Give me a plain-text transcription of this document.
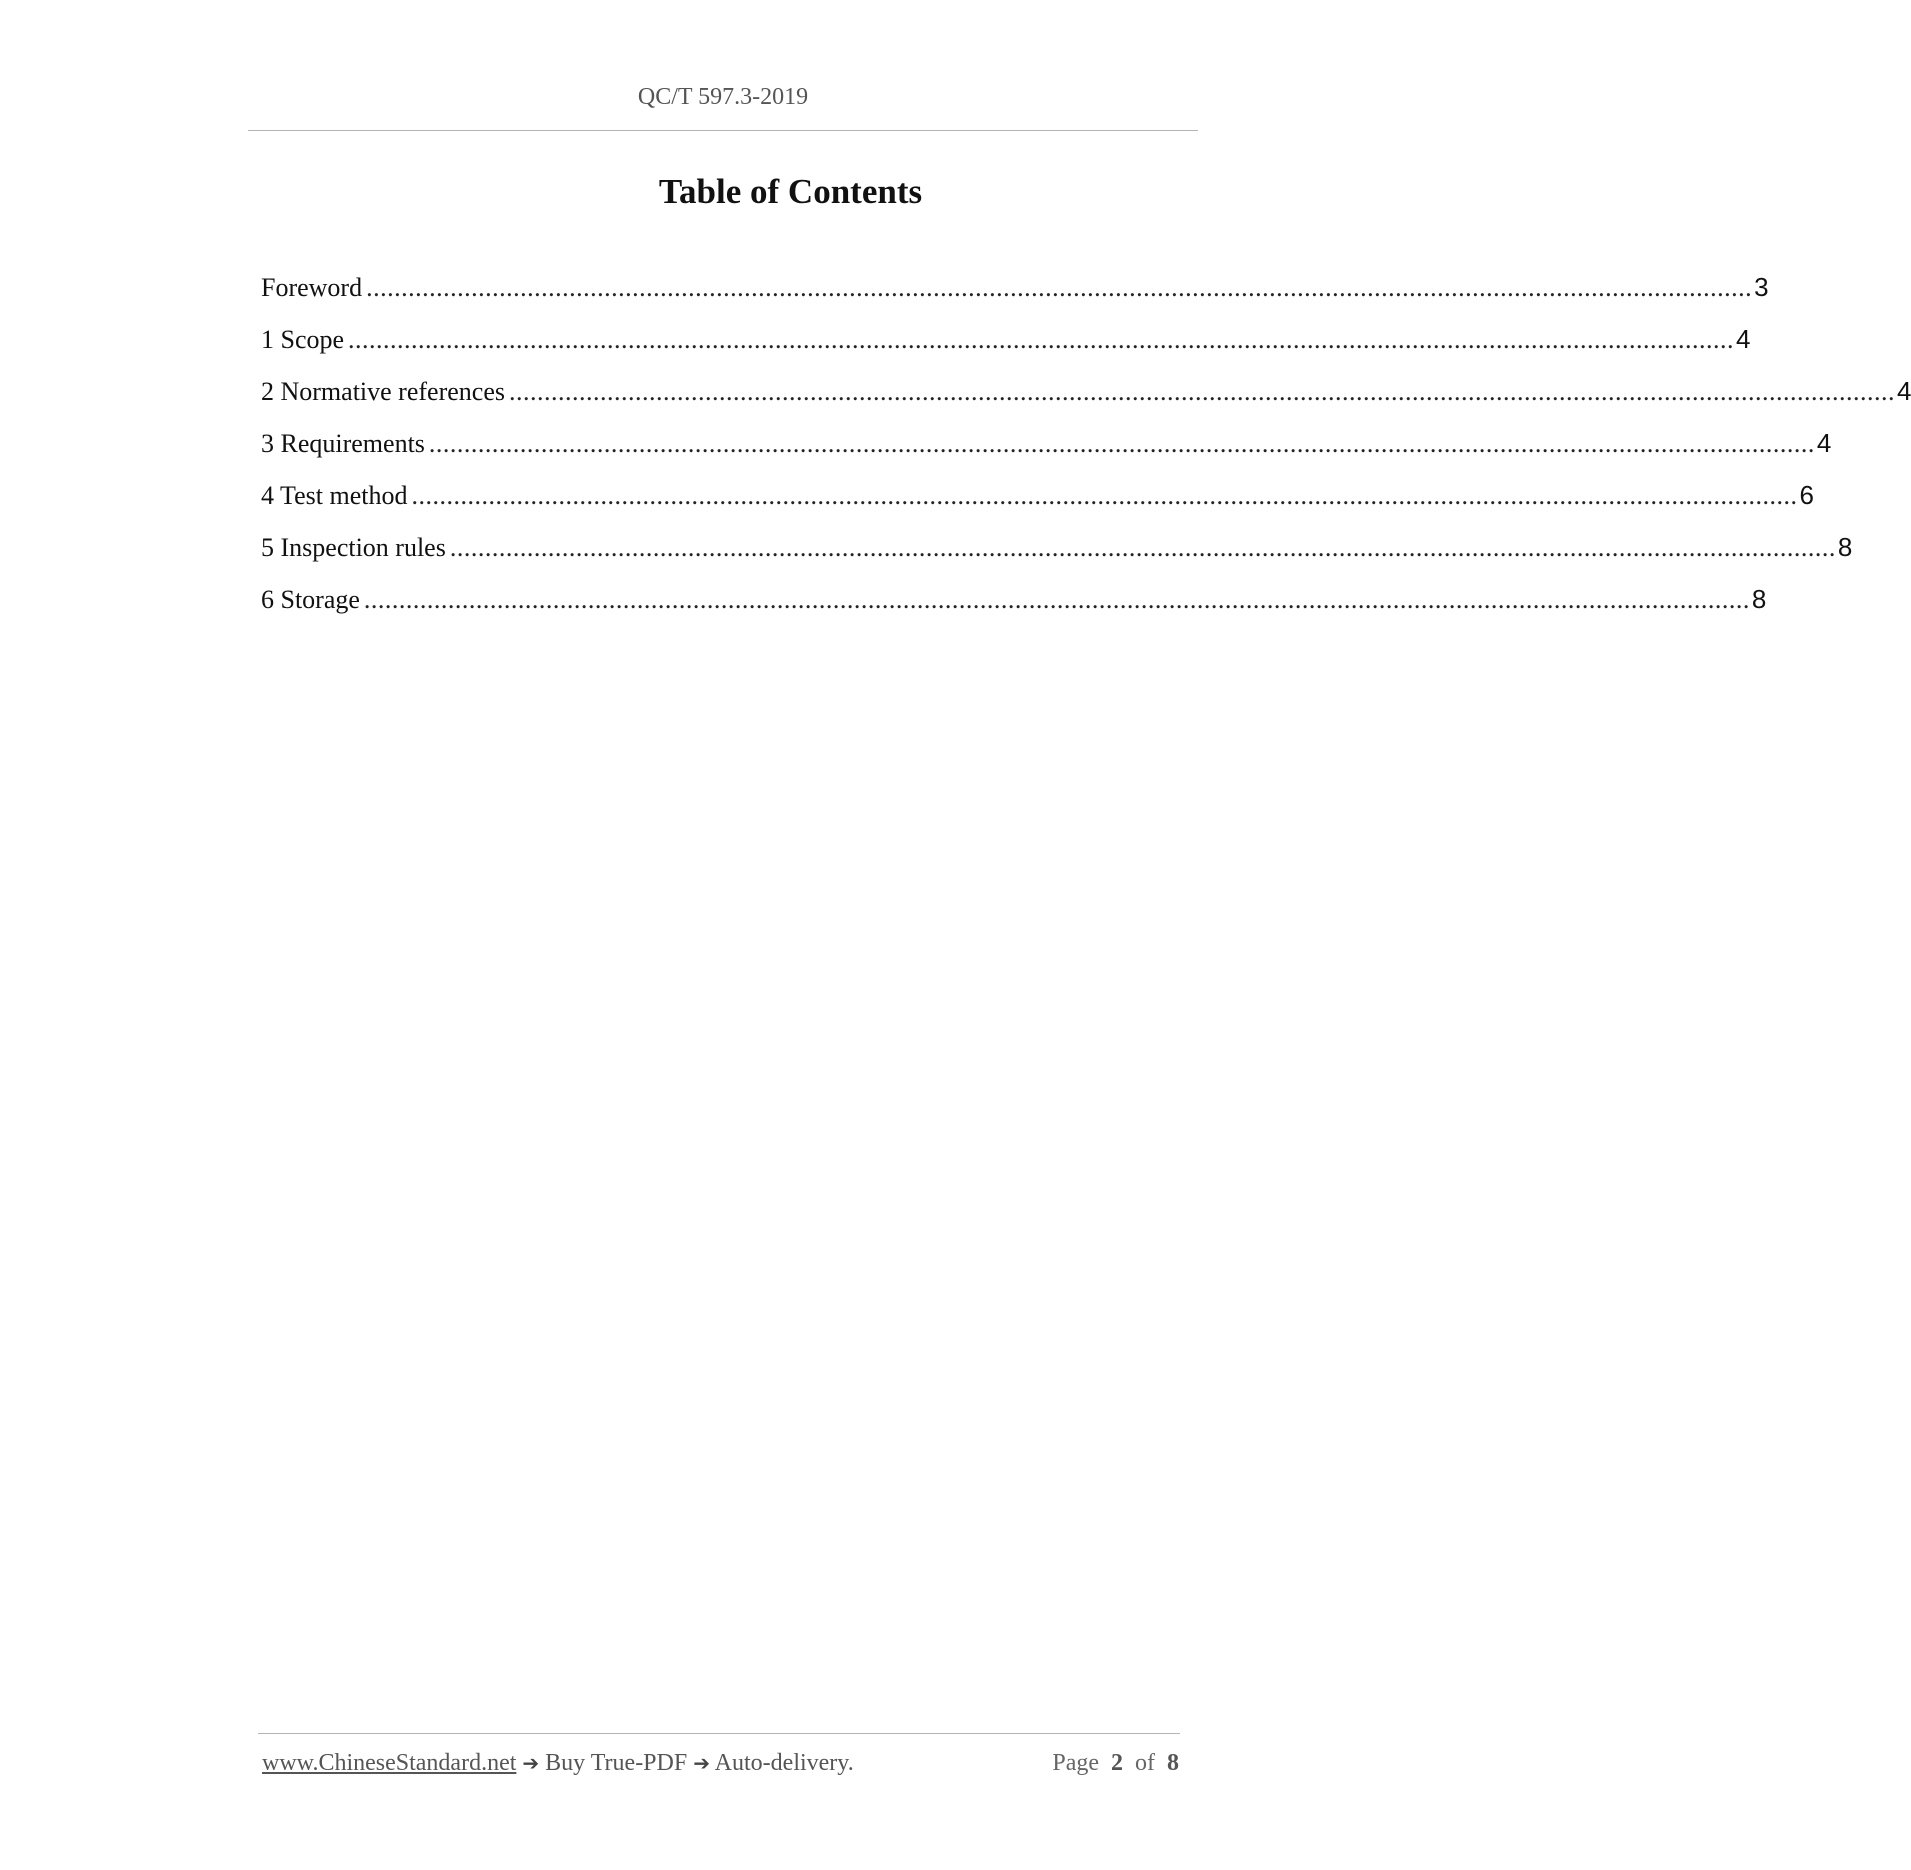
QC/T 597.3-2019
Table of Contents
Foreword ...................................................................................................................................................................................................... 3
1 Scope ...................................................................................................................................................................................................... 4
2 Normative references ...................................................................................................................................................................................................... 4
3 Requirements ...................................................................................................................................................................................................... 4
4 Test method ...................................................................................................................................................................................................... 6
5 Inspection rules ...................................................................................................................................................................................................... 8
6 Storage ...................................................................................................................................................................................................... 8
www.ChineseStandard.net ➔ Buy True-PDF ➔ Auto-delivery.	Page 2 of 8
